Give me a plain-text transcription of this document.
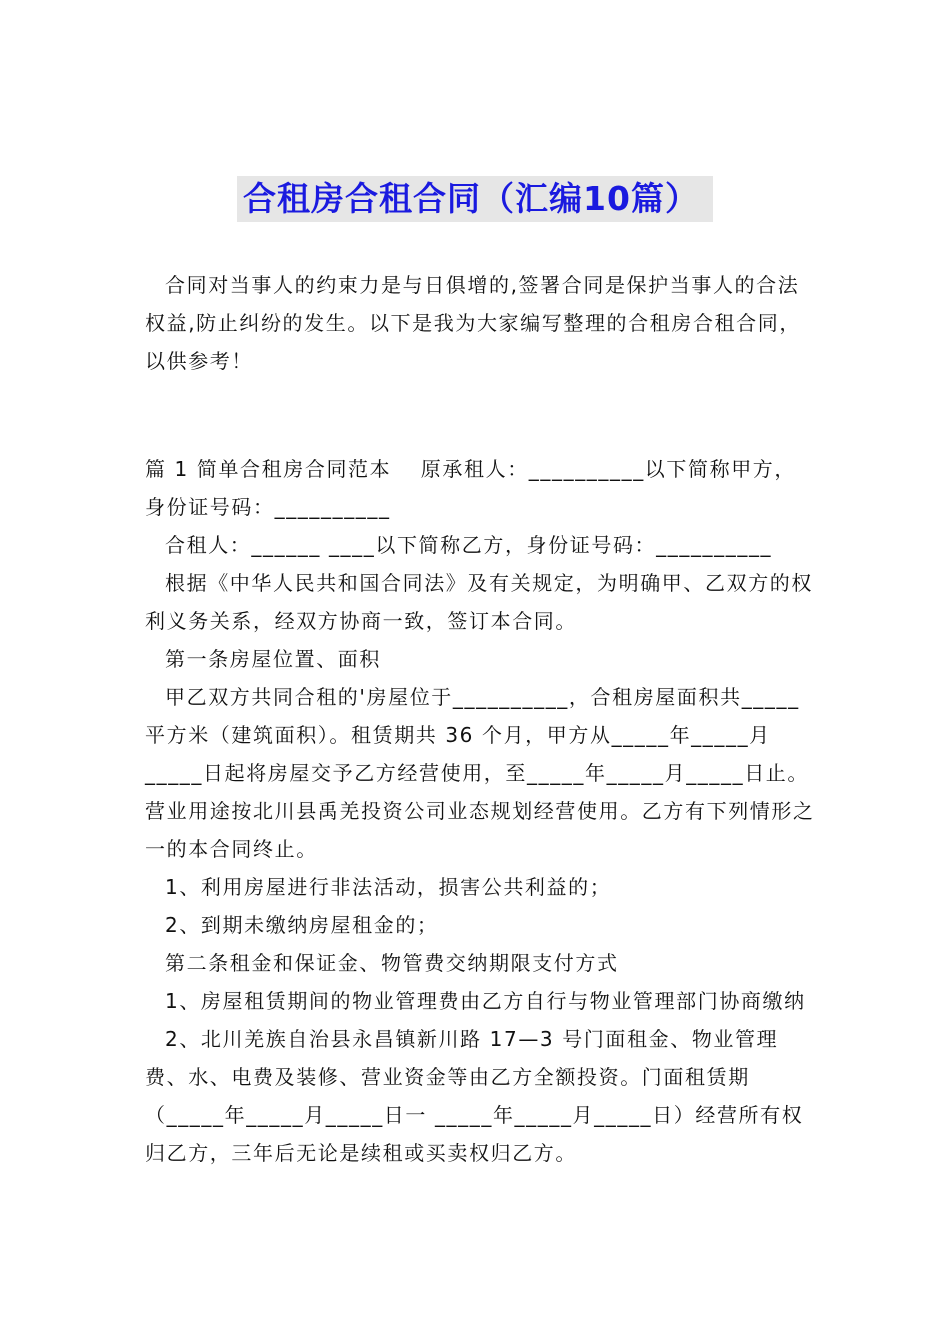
合租房合租合同（汇编10篇）

合同对当事人的约束力是与日俱增的,签署合同是保护当事人的合法权益,防止纠纷的发生。以下是我为大家编写整理的合租房合租合同，以供参考！

篇 1 简单合租房合同范本　 原承租人：__________以下简称甲方，身份证号码：__________

合租人：______ ____以下简称乙方，身份证号码：__________

根据《中华人民共和国合同法》及有关规定，为明确甲、乙双方的权利义务关系，经双方协商一致，签订本合同。

第一条房屋位置、面积

甲乙双方共同合租的'房屋位于__________，合租房屋面积共_____平方米（建筑面积）。租赁期共 36 个月，甲方从_____年_____月_____日起将房屋交予乙方经营使用，至_____年_____月_____日止。营业用途按北川县禹羌投资公司业态规划经营使用。乙方有下列情形之一的本合同终止。

1、利用房屋进行非法活动，损害公共利益的；

2、到期未缴纳房屋租金的；

第二条租金和保证金、物管费交纳期限支付方式

1、房屋租赁期间的物业管理费由乙方自行与物业管理部门协商缴纳

2、北川羌族自治县永昌镇新川路 17—3 号门面租金、物业管理费、水、电费及装修、营业资金等由乙方全额投资。门面租赁期（_____年_____月_____日一 _____年_____月_____日）经营所有权归乙方，三年后无论是续租或买卖权归乙方。
